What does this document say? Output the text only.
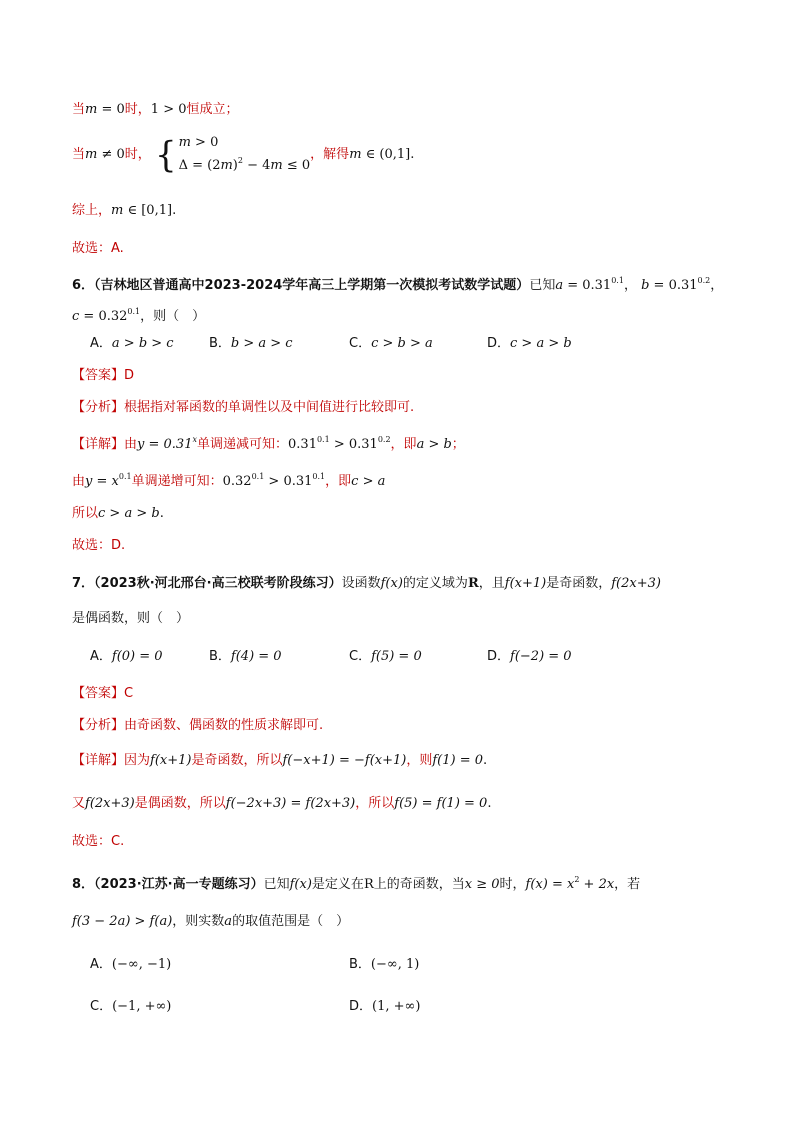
当m = 0时，1 > 0恒成立；
当m ≠ 0时， { m > 0
$\Delta = (2m)^2 - 4m \le 0$
，解得m ∈ (0,1].
综上，m ∈ [0,1].
故选：A.
6．（吉林地区普通高中2023-2024学年高三上学期第一次模拟考试数学试题）已知$a = 0.31^{0.1}$， $b = 0.31^{0.2}$，
$c = 0.32^{0.1}$，则（　）
A．a > b > c	B．b > a > c	C．c > b > a	D．c > a > b
【答案】D
【分析】根据指对幂函数的单调性以及中间值进行比较即可.
【详解】由$y = 0.31^x$单调递减可知：$0.31^{0.1} > 0.31^{0.2}$，即a > b；
由$y = x^{0.1}$单调递增可知：$0.32^{0.1} > 0.31^{0.1}$，即c > a
所以c > a > b.
故选：D.
7．（2023秋·河北邢台·高三校联考阶段练习）设函数f(x)的定义域为R，且f(x+1)是奇函数，f(2x+3)
是偶函数，则（　）
A．f(0) = 0	B．f(4) = 0	C．f(5) = 0	D．f(−2) = 0
【答案】C
【分析】由奇函数、偶函数的性质求解即可.
【详解】因为f(x+1)是奇函数，所以f(−x+1) = −f(x+1)，则f(1) = 0.
又f(2x+3)是偶函数，所以f(−2x+3) = f(2x+3)，所以f(5) = f(1) = 0.
故选：C.
8．（2023·江苏·高一专题练习）已知f(x)是定义在R上的奇函数，当x ≥ 0时，$f(x) = x^2 + 2x$，若
f(3 − 2a) > f(a)，则实数a的取值范围是（　）
A．(−∞, −1)	B．(−∞, 1)
C．(−1, +∞)	D．(1, +∞)
